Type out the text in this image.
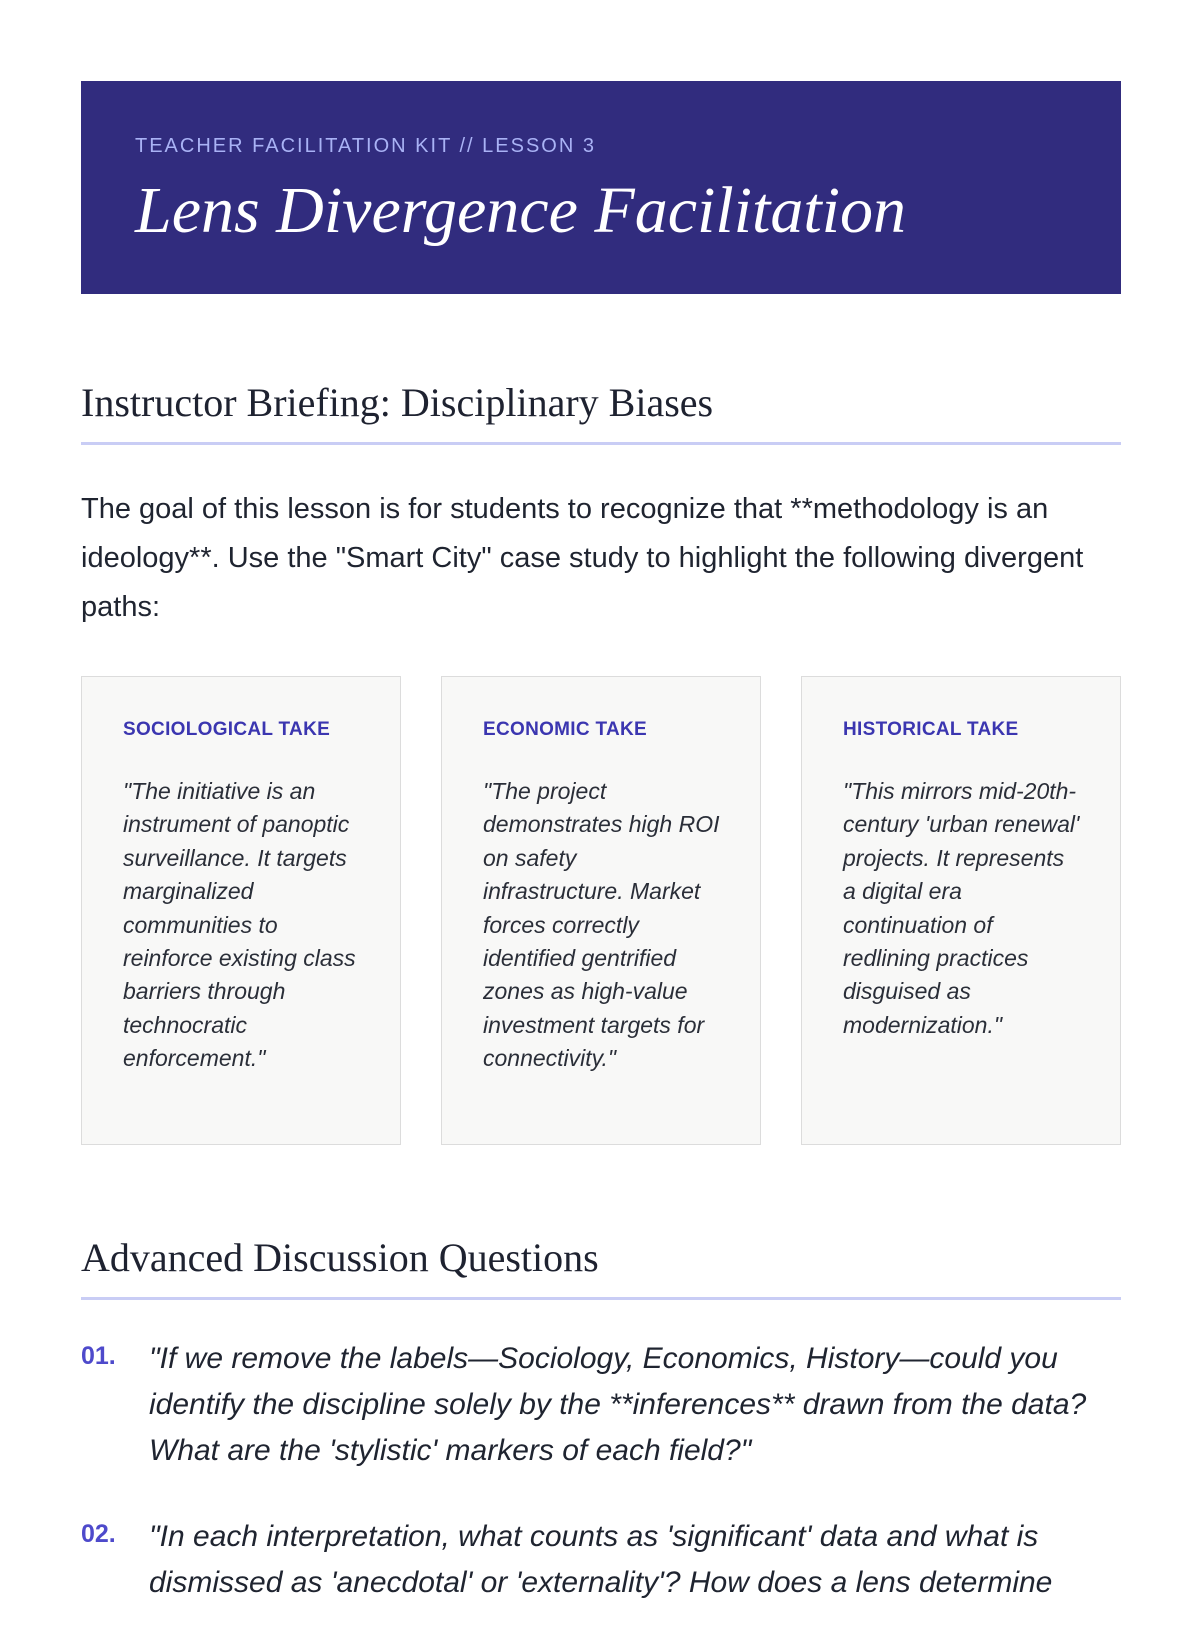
TEACHER FACILITATION KIT // LESSON 3

Lens Divergence Facilitation
Instructor Briefing: Disciplinary Biases

The goal of this lesson is for students to recognize that **methodology is an ideology**. Use the "Smart City" case study to highlight the following divergent paths:

SOCIOLOGICAL TAKE

"The initiative is an instrument of panoptic surveillance. It targets marginalized communities to reinforce existing class barriers through technocratic enforcement."

ECONOMIC TAKE

"The project demonstrates high ROI on safety infrastructure. Market forces correctly identified gentrified zones as high-value investment targets for connectivity."

HISTORICAL TAKE

"This mirrors mid-20th-century 'urban renewal' projects. It represents a digital era continuation of redlining practices disguised as modernization."

Advanced Discussion Questions
01.	"If we remove the labels—Sociology, Economics, History—could you identify the discipline solely by the **inferences** drawn from the data? What are the 'stylistic' markers of each field?"

02.	"In each interpretation, what counts as 'significant' data and what is dismissed as 'anecdotal' or 'externality'? How does a lens determine
